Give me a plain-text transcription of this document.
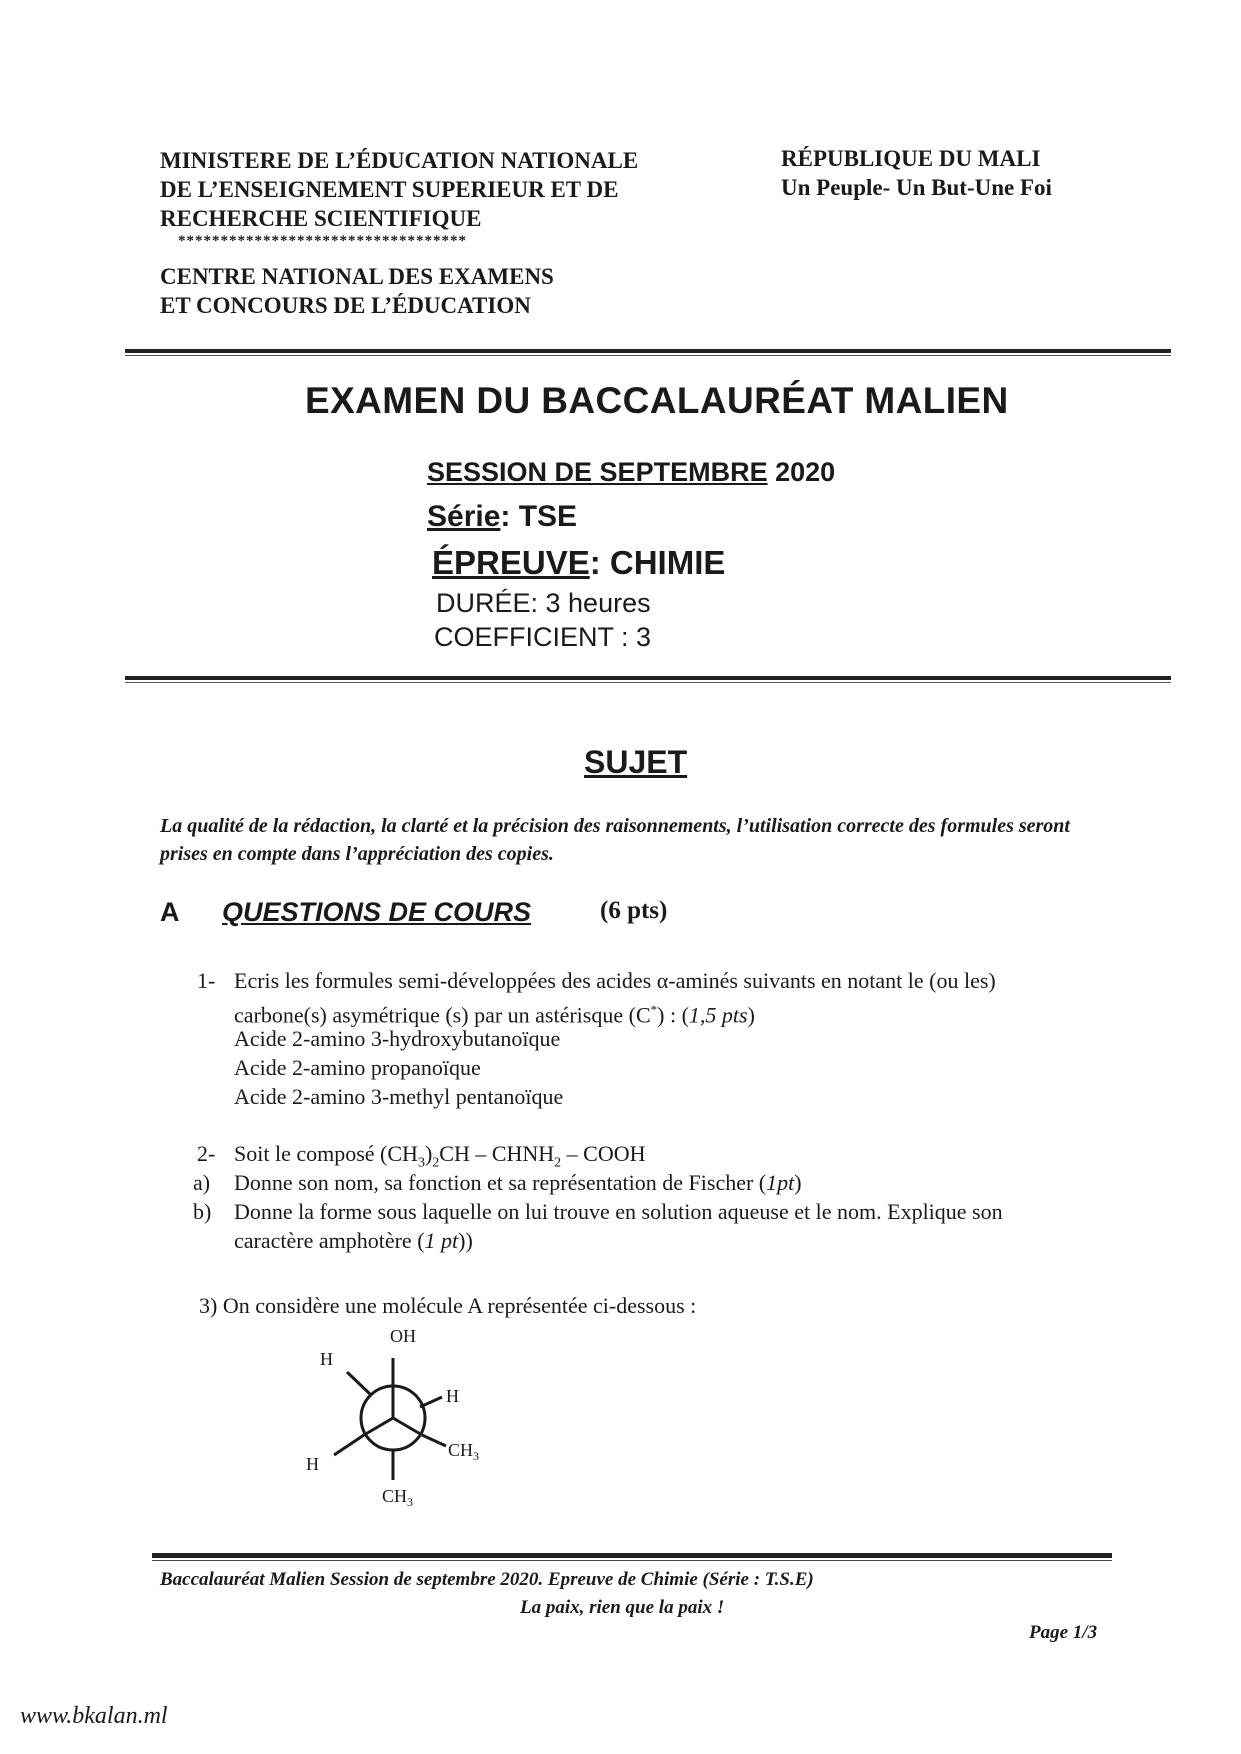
MINISTERE DE L’ÉDUCATION NATIONALE
DE L’ENSEIGNEMENT SUPERIEUR ET DE
RECHERCHE SCIENTIFIQUE
**********************************
CENTRE NATIONAL DES EXAMENS
ET CONCOURS DE L’ÉDUCATION
RÉPUBLIQUE DU MALI
Un Peuple- Un But-Une Foi
EXAMEN DU BACCALAURÉAT MALIEN
SESSION DE SEPTEMBRE 2020
Série: TSE
ÉPREUVE: CHIMIE
DURÉE: 3 heures
COEFFICIENT : 3
SUJET
La qualité de la rédaction, la clarté et la précision des raisonnements, l’utilisation correcte des formules seront prises en compte dans l’appréciation des copies.
A QUESTIONS DE COURS	(6 pts)
1- Ecris les formules semi-développées des acides α-aminés suivants en notant le (ou les)
carbone(s) asymétrique (s) par un astérisque (C*) : (1,5 pts)
Acide 2-amino 3-hydroxybutanoïque
Acide 2-amino propanoïque
Acide 2-amino 3-methyl pentanoïque
2- Soit le composé $(CH_3)_2CH$ – $CHNH_2$ – COOH
a) Donne son nom, sa fonction et sa représentation de Fischer (1pt)
b) Donne la forme sous laquelle on lui trouve en solution aqueuse et le nom. Explique son
caractère amphotère (1 pt))
3) On considère une molécule A représentée ci-dessous :
OH
H
H
H
$CH_3$
$CH_3$
Baccalauréat Malien Session de septembre 2020. Epreuve de Chimie (Série : T.S.E)
La paix, rien que la paix !
Page 1/3
www.bkalan.ml
